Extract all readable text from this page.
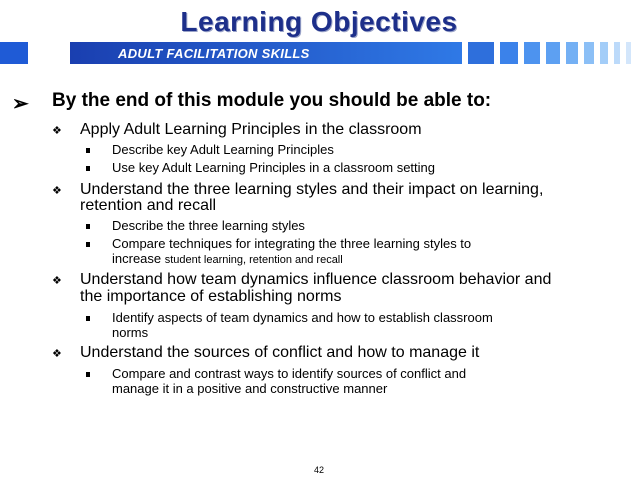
Learning Objectives
ADULT FACILITATION SKILLS
➢ By the end of this module you should be able to:
❖ Apply Adult Learning Principles in the classroom
Describe key Adult Learning Principles
Use key Adult Learning Principles in a classroom setting
❖ Understand the three learning styles and their impact on learning,
retention and recall
Describe the three learning styles
Compare techniques for integrating the three learning styles to
increase student learning, retention and recall
❖ Understand how team dynamics influence classroom behavior and
the importance of establishing norms
Identify aspects of team dynamics and how to establish classroom
norms
❖ Understand the sources of conflict and how to manage it
Compare and contrast ways to identify sources of conflict and
manage it in a positive and constructive manner
42
